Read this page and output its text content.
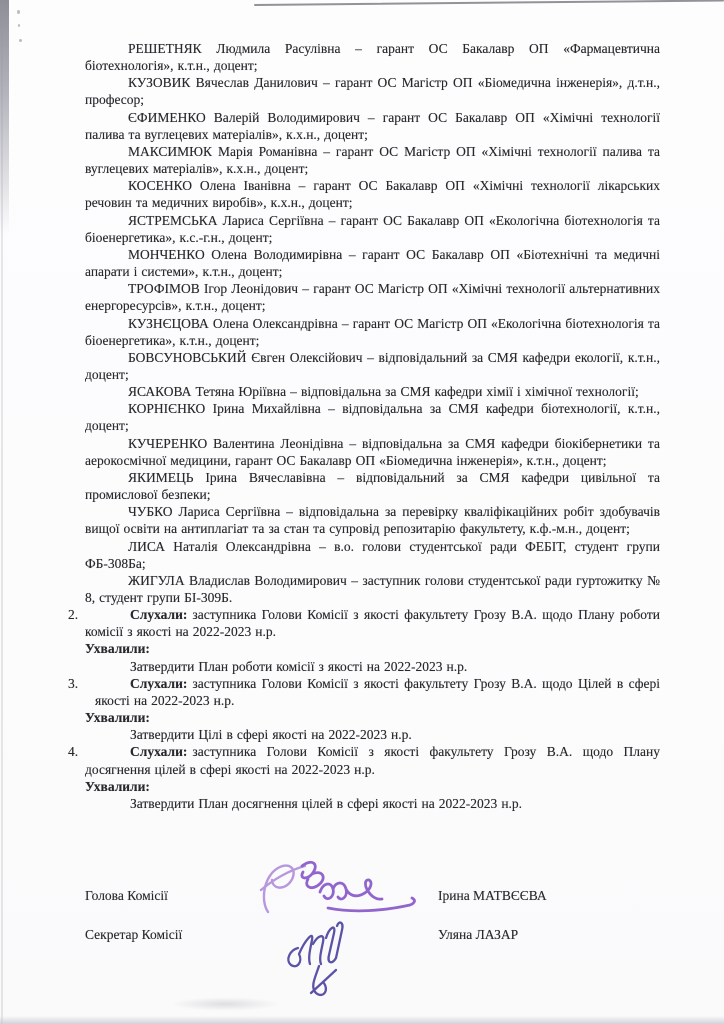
РЕШЕТНЯК Людмила Расулівна – гарант ОС Бакалавр ОП «Фармацевтична біотехнологія», к.т.н., доцент;

КУЗОВИК Вячеслав Данилович – гарант ОС Магістр ОП «Біомедична інженерія», д.т.н., професор;

ЄФИМЕНКО Валерій Володимирович – гарант ОС Бакалавр ОП «Хімічні технології палива та вуглецевих матеріалів», к.х.н., доцент;

МАКСИМЮК Марія Романівна – гарант ОС Магістр ОП «Хімічні технології палива та вуглецевих матеріалів», к.х.н., доцент;

КОСЕНКО Олена Іванівна – гарант ОС Бакалавр ОП «Хімічні технології лікарських речовин та медичних виробів», к.х.н., доцент;

ЯСТРЕМСЬКА Лариса Сергіївна – гарант ОС Бакалавр ОП «Екологічна біотехнологія та біоенергетика», к.с.-г.н., доцент;

МОНЧЕНКО Олена Володимирівна – гарант ОС Бакалавр ОП «Біотехнічні та медичні апарати і системи», к.т.н., доцент;

ТРОФІМОВ Ігор Леонідович – гарант ОС Магістр ОП «Хімічні технології альтернативних енергоресурсів», к.т.н., доцент;

КУЗНЄЦОВА Олена Олександрівна – гарант ОС Магістр ОП «Екологічна біотехнологія та біоенергетика», к.т.н., доцент;

БОВСУНОВСЬКИЙ Євген Олексійович – відповідальний за СМЯ кафедри екології, к.т.н., доцент;

ЯСАКОВА Тетяна Юріївна – відповідальна за СМЯ кафедри хімії і хімічної технології;

КОРНІЄНКО Ірина Михайлівна – відповідальна за СМЯ кафедри біотехнології, к.т.н., доцент;

КУЧЕРЕНКО Валентина Леонідівна – відповідальна за СМЯ кафедри біокібернетики та аерокосмічної медицини, гарант ОС Бакалавр ОП «Біомедична інженерія», к.т.н., доцент;

ЯКИМЕЦЬ Ірина Вячеславівна – відповідальний за СМЯ кафедри цивільної та промислової безпеки;

ЧУБКО Лариса Сергіївна – відповідальна за перевірку кваліфікаційних робіт здобувачів вищої освіти на антиплагіат та за стан та супровід репозитарію факультету, к.ф.-м.н., доцент;

ЛИСА Наталія Олександрівна – в.о. голови студентської ради ФЕБІТ, студент групи ФБ-308Ба;

ЖИГУЛА Владислав Володимирович – заступник голови студентської ради гуртожитку № 8, студент групи БІ-309Б.

2.	Слухали: заступника Голови Комісії з якості факультету Грозу В.А. щодо Плану роботи комісії з якості на 2022-2023 н.р.

Ухвалили:

Затвердити План роботи комісії з якості на 2022-2023 н.р.

3.	Слухали: заступника Голови Комісії з якості факультету Грозу В.А. щодо Цілей в сфері якості на 2022-2023 н.р.

Ухвалили:

Затвердити Цілі в сфері якості на 2022-2023 н.р.

4.	Слухали: заступника Голови Комісії з якості факультету Грозу В.А. щодо Плану досягнення цілей в сфері якості на 2022-2023 н.р.

Ухвалили:

Затвердити План досягнення цілей в сфері якості на 2022-2023 н.р.

Голова Комісії	Ірина МАТВЄЄВА
Секретар Комісії	Уляна ЛАЗАР
